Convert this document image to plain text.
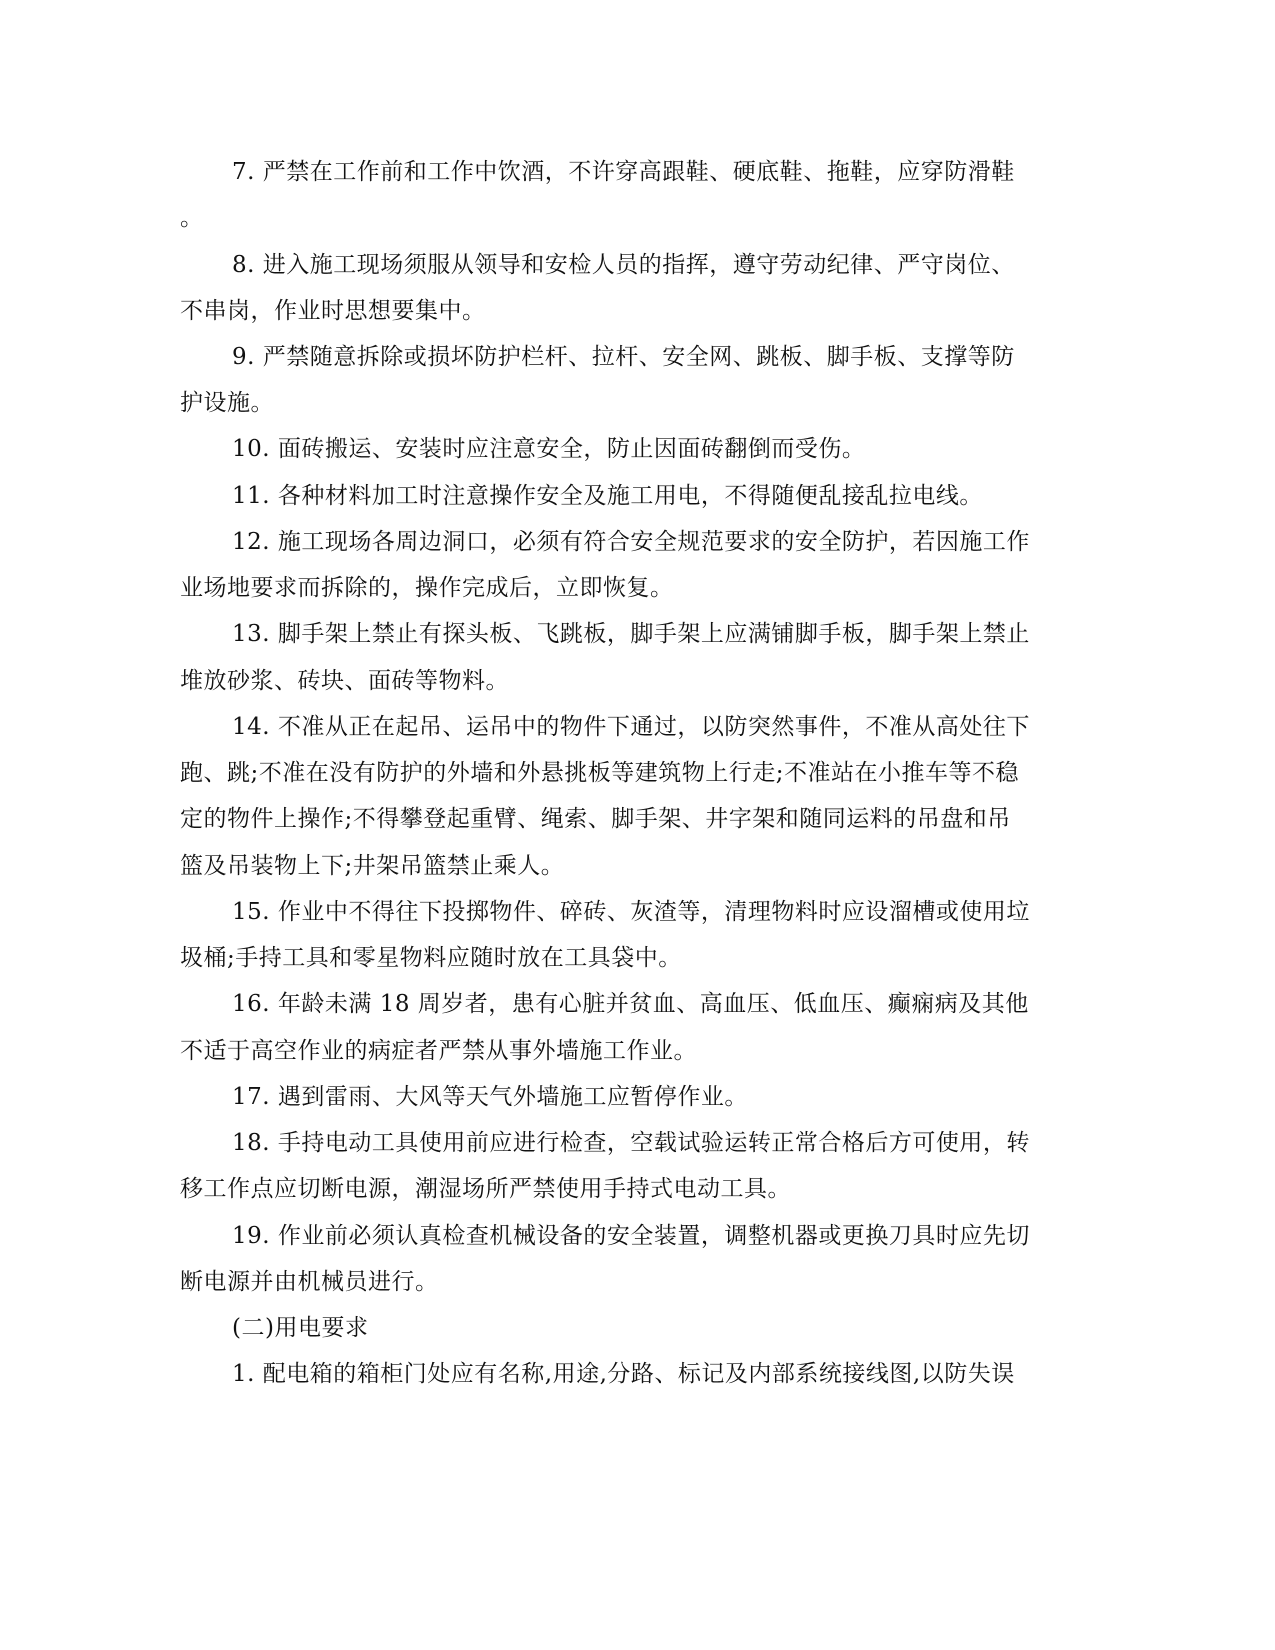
7. 严禁在工作前和工作中饮酒，不许穿高跟鞋、硬底鞋、拖鞋，应穿防滑鞋
。
8. 进入施工现场须服从领导和安检人员的指挥，遵守劳动纪律、严守岗位、
不串岗，作业时思想要集中。
9. 严禁随意拆除或损坏防护栏杆、拉杆、安全网、跳板、脚手板、支撑等防
护设施。
10. 面砖搬运、安装时应注意安全，防止因面砖翻倒而受伤。
11. 各种材料加工时注意操作安全及施工用电，不得随便乱接乱拉电线。
12. 施工现场各周边洞口，必须有符合安全规范要求的安全防护，若因施工作
业场地要求而拆除的，操作完成后，立即恢复。
13. 脚手架上禁止有探头板、飞跳板，脚手架上应满铺脚手板，脚手架上禁止
堆放砂浆、砖块、面砖等物料。
14. 不准从正在起吊、运吊中的物件下通过，以防突然事件，不准从高处往下
跑、跳;不准在没有防护的外墙和外悬挑板等建筑物上行走;不准站在小推车等不稳
定的物件上操作;不得攀登起重臂、绳索、脚手架、井字架和随同运料的吊盘和吊
篮及吊装物上下;井架吊篮禁止乘人。
15. 作业中不得往下投掷物件、碎砖、灰渣等，清理物料时应设溜槽或使用垃
圾桶;手持工具和零星物料应随时放在工具袋中。
16. 年龄未满 18 周岁者，患有心脏并贫血、高血压、低血压、癫痫病及其他
不适于高空作业的病症者严禁从事外墙施工作业。
17. 遇到雷雨、大风等天气外墙施工应暂停作业。
18. 手持电动工具使用前应进行检查，空载试验运转正常合格后方可使用，转
移工作点应切断电源，潮湿场所严禁使用手持式电动工具。
19. 作业前必须认真检查机械设备的安全装置，调整机器或更换刀具时应先切
断电源并由机械员进行。
(二)用电要求
1. 配电箱的箱柜门处应有名称,用途,分路、标记及内部系统接线图,以防失误
